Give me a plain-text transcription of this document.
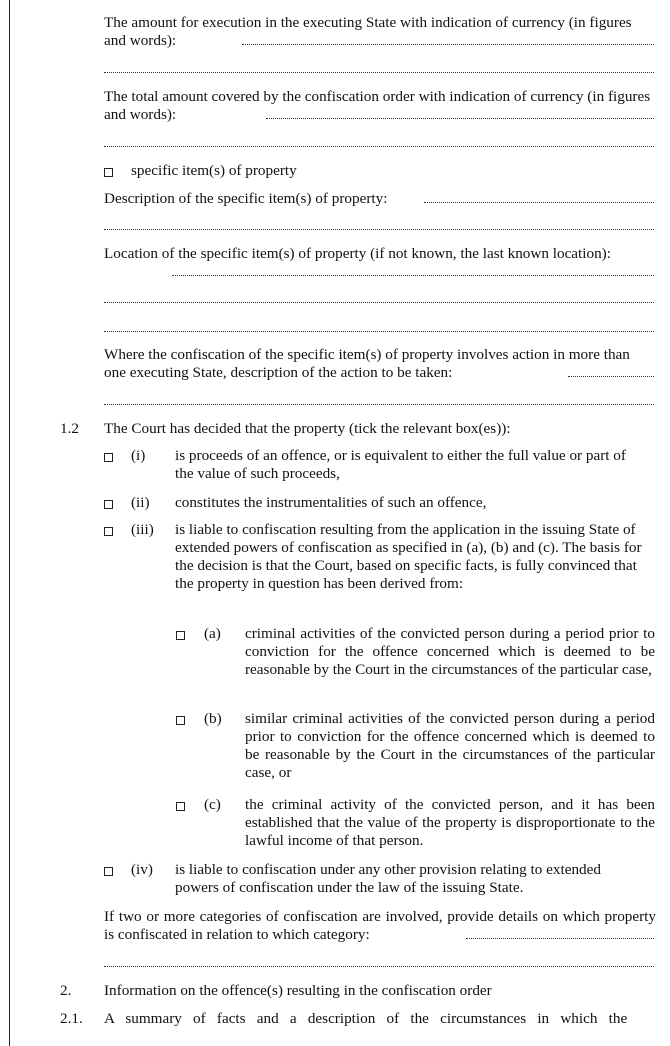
The amount for execution in the executing State with indication of currency (in figures and words):
The total amount covered by the confiscation order with indication of currency (in figures and words):
specific item(s) of property
Description of the specific item(s) of property:
Location of the specific item(s) of property (if not known, the last known location):
Where the confiscation of the specific item(s) of property involves action in more than one executing State, description of the action to be taken:
1.2 The Court has decided that the property (tick the relevant box(es)):
(i) is proceeds of an offence, or is equivalent to either the full value or part of the value of such proceeds,
(ii) constitutes the instrumentalities of such an offence,
(iii) is liable to confiscation resulting from the application in the issuing State of extended powers of confiscation as specified in (a), (b) and (c). The basis for the decision is that the Court, based on specific facts, is fully convinced that the property in question has been derived from:
(a) criminal activities of the convicted person during a period prior to conviction for the offence concerned which is deemed to be reasonable by the Court in the circumstances of the particular case,
(b) similar criminal activities of the convicted person during a period prior to conviction for the offence concerned which is deemed to be reasonable by the Court in the circumstances of the particular case, or
(c) the criminal activity of the convicted person, and it has been established that the value of the property is disproportionate to the lawful income of that person.
(iv) is liable to confiscation under any other provision relating to extended powers of confiscation under the law of the issuing State.
If two or more categories of confiscation are involved, provide details on which property is confiscated in relation to which category:
2. Information on the offence(s) resulting in the confiscation order
2.1. A summary of facts and a description of the circumstances in which the
